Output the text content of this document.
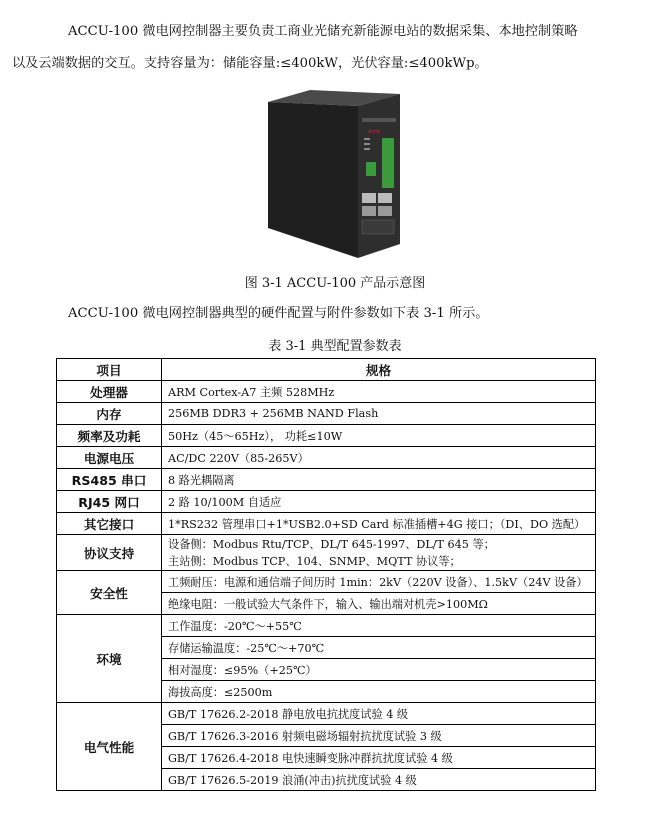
ACCU-100 微电网控制器主要负责工商业光储充新能源电站的数据采集、本地控制策略
以及云端数据的交互。支持容量为：储能容量:≤400kW，光伏容量:≤400kWp。
Acrel
图 3-1 ACCU-100 产品示意图
ACCU-100 微电网控制器典型的硬件配置与附件参数如下表 3-1 所示。
表 3-1 典型配置参数表
项目	规格
处理器	ARM Cortex-A7 主频 528MHz
内存	256MB DDR3 + 256MB NAND Flash
频率及功耗	50Hz（45～65Hz）， 功耗≤10W
电源电压	AC/DC 220V（85-265V）
RS485 串口	8 路光耦隔离
RJ45 网口	2 路 10/100M 自适应
其它接口	1*RS232 管理串口+1*USB2.0+SD Card 标准插槽+4G 接口；（DI、DO 选配）
协议支持	设备侧：Modbus Rtu/TCP、DL/T 645-1997、DL/T 645 等；
主站侧：Modbus TCP、104、SNMP、MQTT 协议等；

安全性	工频耐压：电源和通信端子间历时 1min：2kV（220V 设备）、1.5kV（24V 设备）
	绝缘电阻：一般试验大气条件下，输入、输出端对机壳>100MΩ
环境	工作温度：-20℃～+55℃
	存储运输温度：-25℃～+70℃
	相对湿度：≤95%（+25℃）
	海拔高度：≤2500m
电气性能	GB/T 17626.2-2018 静电放电抗扰度试验 4 级
	GB/T 17626.3-2016 射频电磁场辐射抗扰度试验 3 级
	GB/T 17626.4-2018 电快速瞬变脉冲群抗扰度试验 4 级
	GB/T 17626.5-2019 浪涌(冲击)抗扰度试验 4 级
